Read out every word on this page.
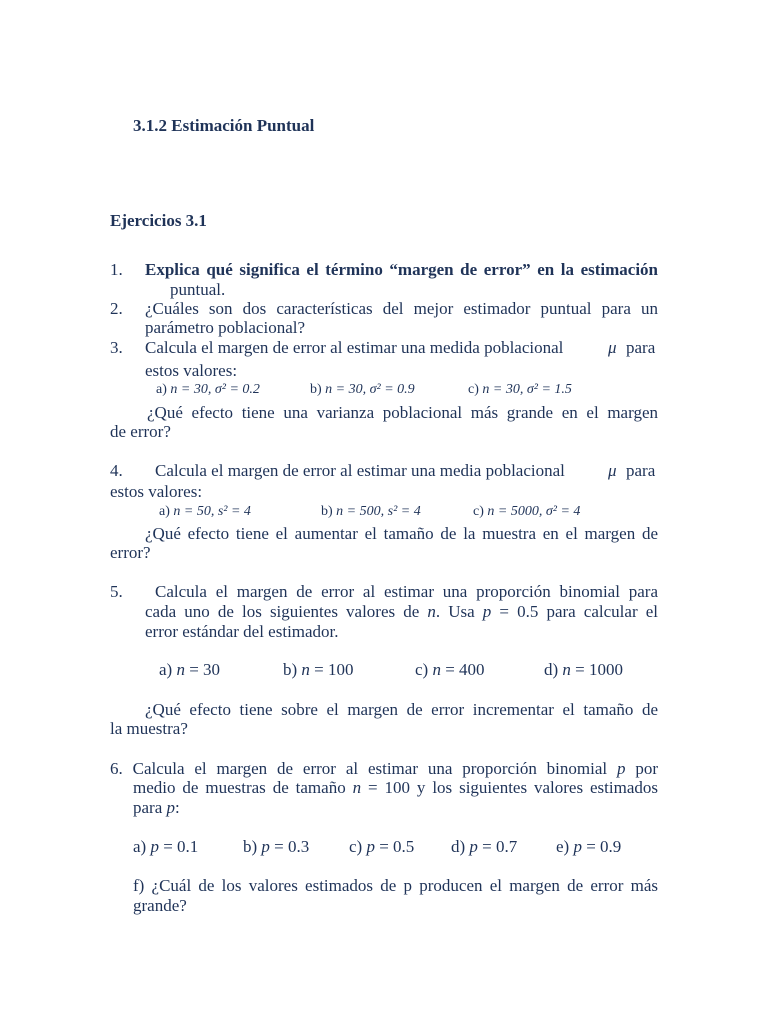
3.1.2 Estimación Puntual
Ejercicios 3.1
1. Explica qué significa el término “margen de error” en la estimación
puntual.
2. ¿Cuáles son dos características del mejor estimador puntual para un
parámetro poblacional?
3. Calcula el margen de error al estimar una medida poblacional	μ para
estos valores:
a) n = 30, σ² = 0.2	b) n = 30, σ² = 0.9	c) n = 30, σ² = 1.5
¿Qué efecto tiene una varianza poblacional más grande en el margen
de error?
4. Calcula el margen de error al estimar una media poblacional	μ para
estos valores:
a) n = 50, s² = 4	b) n = 500, s² = 4	c) n = 5000, σ² = 4
¿Qué efecto tiene el aumentar el tamaño de la muestra en el margen de
error?
5. Calcula el margen de error al estimar una proporción binomial para
cada uno de los siguientes valores de n. Usa p = 0.5 para calcular el
error estándar del estimador.
a) n = 30	b) n = 100	c) n = 400	d) n = 1000
¿Qué efecto tiene sobre el margen de error incrementar el tamaño de
la muestra?
6. Calcula el margen de error al estimar una proporción binomial p por
medio de muestras de tamaño n = 100 y los siguientes valores estimados
para p:
a) p = 0.1	b) p = 0.3 c) p = 0.5 d) p = 0.7 e) p = 0.9
f) ¿Cuál de los valores estimados de p producen el margen de error más
grande?
